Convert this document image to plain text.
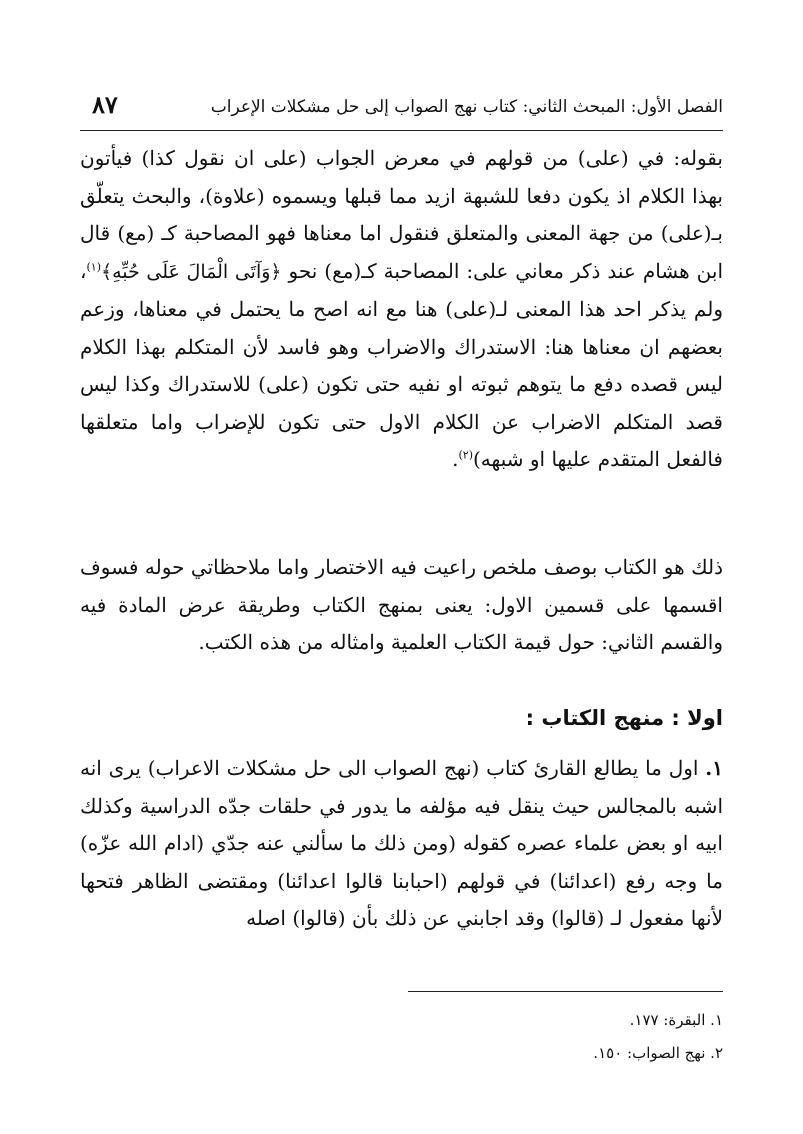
الفصل الأول: المبحث الثاني: كتاب نهج الصواب إلى حل مشكلات الإعراب
٨٧
بقوله: في (على) من قولهم في معرض الجواب (على ان نقول كذا) فيأتون بهذا الكلام اذ يكون دفعا للشبهة ازيد مما قبلها ويسموه (علاوة)، والبحث يتعلّق بـ(على) من جهة المعنى والمتعلق فنقول اما معناها فهو المصاحبة كـ (مع) قال ابن هشام عند ذكر معاني على: المصاحبة كـ(مع) نحو ﴿وَآتَى الْمَالَ عَلَى حُبِّهِ﴾$^{(١)}$، ولم يذكر احد هذا المعنى لـ(على) هنا مع انه اصح ما يحتمل في معناها، وزعم بعضهم ان معناها هنا: الاستدراك والاضراب وهو فاسد لأن المتكلم بهذا الكلام ليس قصده دفع ما يتوهم ثبوته او نفيه حتى تكون (على) للاستدراك وكذا ليس قصد المتكلم الاضراب عن الكلام الاول حتى تكون للإضراب واما متعلقها فالفعل المتقدم عليها او شبهه)$^{(٢)}$.
ذلك هو الكتاب بوصف ملخص راعيت فيه الاختصار واما ملاحظاتي حوله فسوف اقسمها على قسمين الاول: يعنى بمنهج الكتاب وطريقة عرض المادة فيه والقسم الثاني: حول قيمة الكتاب العلمية وامثاله من هذه الكتب.
اولا : منهج الكتاب :
١. اول ما يطالع القارئ كتاب (نهج الصواب الى حل مشكلات الاعراب) يرى انه اشبه بالمجالس حيث ينقل فيه مؤلفه ما يدور في حلقات جدّه الدراسية وكذلك ابيه او بعض علماء عصره كقوله (ومن ذلك ما سألني عنه جدّي (ادام الله عزّه) ما وجه رفع (اعدائنا) في قولهم (احبابنا قالوا اعدائنا) ومقتضى الظاهر فتحها لأنها مفعول لـ (قالوا) وقد اجابني عن ذلك بأن (قالوا) اصله
١. البقرة: ١٧٧.
٢. نهج الصواب: ١٥٠.
